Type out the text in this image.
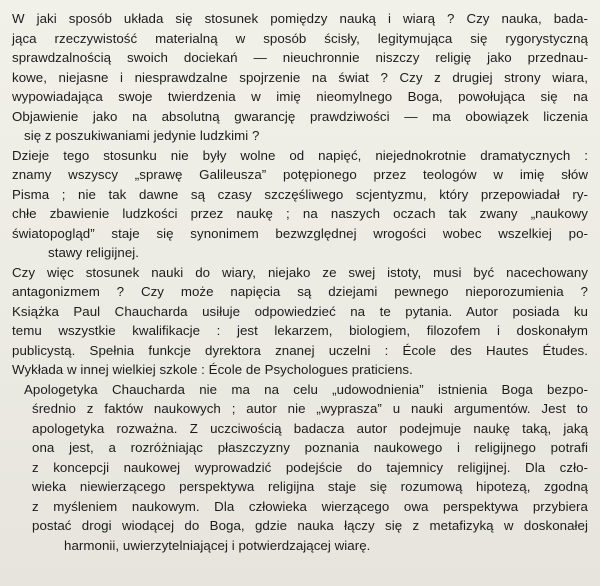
W jaki sposób układa się stosunek pomiędzy nauką i wiarą ? Czy nauka, bada-
jąca rzeczywistość materialną w sposób ścisły, legitymująca się rygorystyczną
sprawdzalnością swoich dociekań — nieuchronnie niszczy religię jako przednau-
kowe, niejasne i niesprawdzalne spojrzenie na świat ? Czy z drugiej strony wiara,
wypowiadająca swoje twierdzenia w imię nieomylnego Boga, powołująca się na
Objawienie jako na absolutną gwarancję prawdziwości — ma obowiązek liczenia
się z poszukiwaniami jedynie ludzkimi ?

Dzieje tego stosunku nie były wolne od napięć, niejednokrotnie dramatycznych :
znamy wszyscy „sprawę Galileusza” potępionego przez teologów w imię słów
Pisma ; nie tak dawne są czasy szczęśliwego scjentyzmu, który przepowiadał ry-
chłe zbawienie ludzkości przez naukę ; na naszych oczach tak zwany „naukowy
światopogląd” staje się synonimem bezwzględnej wrogości wobec wszelkiej po-
stawy religijnej.

Czy więc stosunek nauki do wiary, niejako ze swej istoty, musi być nacechowany
antagonizmem ? Czy może napięcia są dziejami pewnego nieporozumienia ?
Książka Paul Chaucharda usiłuje odpowiedzieć na te pytania. Autor posiada ku
temu wszystkie kwalifikacje : jest lekarzem, biologiem, filozofem i doskonałym
publicystą. Spełnia funkcje dyrektora znanej uczelni : École des Hautes Études.
Wykłada w innej wielkiej szkole : École de Psychologues praticiens.

Apologetyka Chaucharda nie ma na celu „udowodnienia” istnienia Boga bezpo-
średnio z faktów naukowych ; autor nie „wyprasza” u nauki argumentów. Jest to
apologetyka rozważna. Z uczciwością badacza autor podejmuje naukę taką, jaką
ona jest, a rozróżniając płaszczyzny poznania naukowego i religijnego potrafi
z koncepcji naukowej wyprowadzić podejście do tajemnicy religijnej. Dla czło-
wieka niewierzącego perspektywa religijna staje się rozumową hipotezą, zgodną
z myśleniem naukowym. Dla człowieka wierzącego owa perspektywa przybiera
postać drogi wiodącej do Boga, gdzie nauka łączy się z metafizyką w doskonałej
harmonii, uwierzytelniającej i potwierdzającej wiarę.
